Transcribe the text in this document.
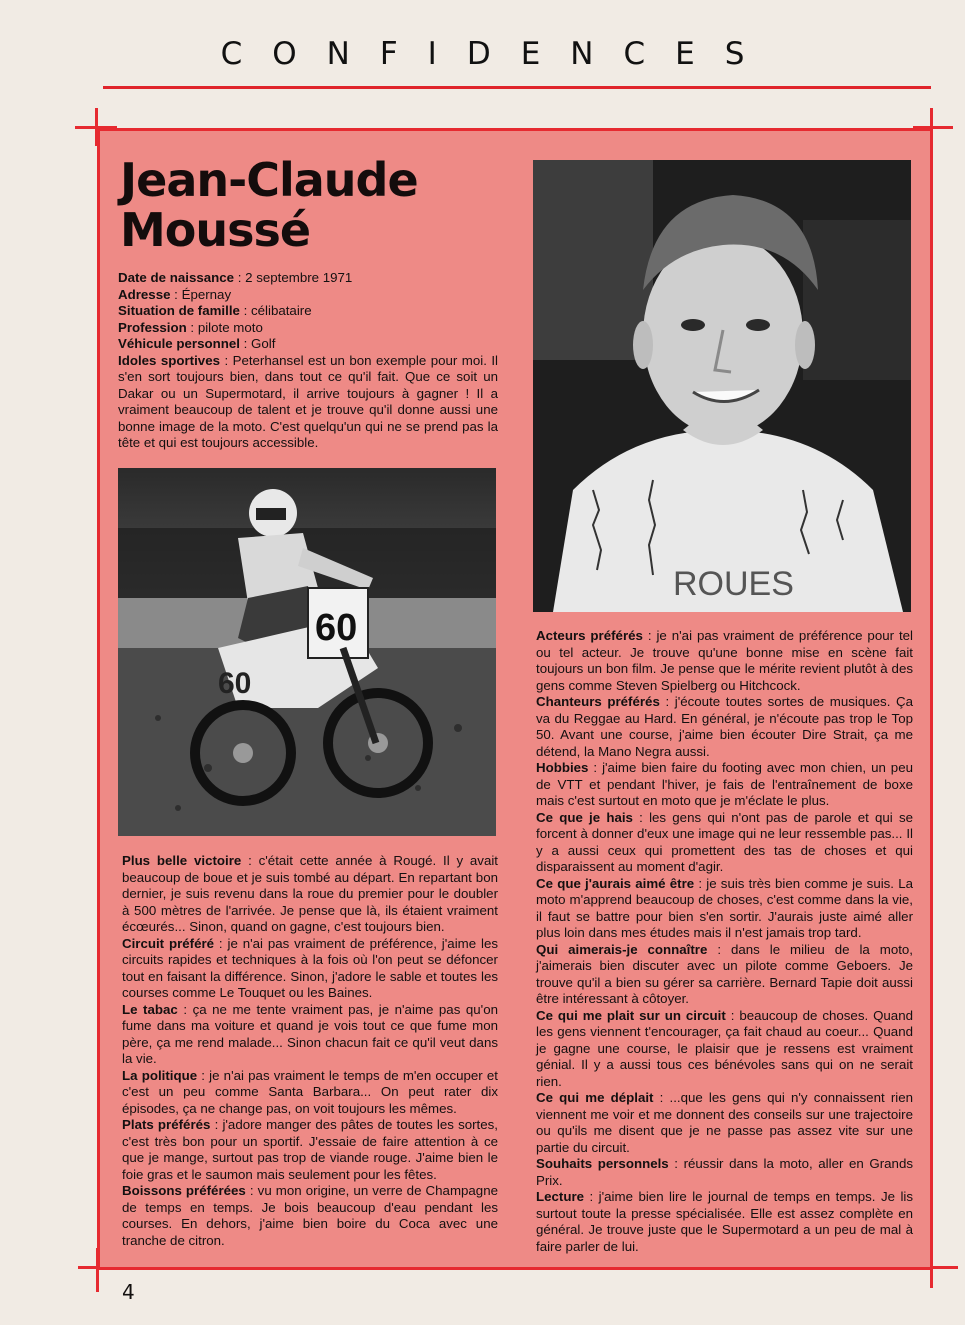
CONFIDENCES
Jean-Claude
Moussé

Date de naissance : 2 septembre 1971

Adresse : Épernay

Situation de famille : célibataire

Profession : pilote moto

Véhicule personnel : Golf

Idoles sportives : Peterhansel est un bon exemple pour moi. Il s'en sort toujours bien, dans tout ce qu'il fait. Que ce soit un Dakar ou un Supermotard, il arrive toujours à gagner ! Il a vraiment beaucoup de talent et je trouve qu'il donne aussi une bonne image de la moto. C'est quelqu'un qui ne se prend pas la tête et qui est toujours accessible.

60
60
ROUES

Plus belle victoire : c'était cette année à Rougé. Il y avait beaucoup de boue et je suis tombé au départ. En repartant bon dernier, je suis revenu dans la roue du premier pour le doubler à 500 mètres de l'arrivée. Je pense que là, ils étaient vraiment écœurés... Sinon, quand on gagne, c'est toujours bien.

Circuit préféré : je n'ai pas vraiment de préférence, j'aime les circuits rapides et techniques à la fois où l'on peut se défoncer tout en faisant la différence. Sinon, j'adore le sable et toutes les courses comme Le Touquet ou les Baines.

Le tabac : ça ne me tente vraiment pas, je n'aime pas qu'on fume dans ma voiture et quand je vois tout ce que fume mon père, ça me rend malade... Sinon chacun fait ce qu'il veut dans la vie.

La politique : je n'ai pas vraiment le temps de m'en occuper et c'est un peu comme Santa Barbara... On peut rater dix épisodes, ça ne change pas, on voit toujours les mêmes.

Plats préférés : j'adore manger des pâtes de toutes les sortes, c'est très bon pour un sportif. J'essaie de faire attention à ce que je mange, surtout pas trop de viande rouge. J'aime bien le foie gras et le saumon mais seulement pour les fêtes.

Boissons préférées : vu mon origine, un verre de Champagne de temps en temps. Je bois beaucoup d'eau pendant les courses. En dehors, j'aime bien boire du Coca avec une tranche de citron.

Acteurs préférés : je n'ai pas vraiment de préférence pour tel ou tel acteur. Je trouve qu'une bonne mise en scène fait toujours un bon film. Je pense que le mérite revient plutôt à des gens comme Steven Spielberg ou Hitchcock.

Chanteurs préférés : j'écoute toutes sortes de musiques. Ça va du Reggae au Hard. En général, je n'écoute pas trop le Top 50. Avant une course, j'aime bien écouter Dire Strait, ça me détend, la Mano Negra aussi.

Hobbies : j'aime bien faire du footing avec mon chien, un peu de VTT et pendant l'hiver, je fais de l'entraînement de boxe mais c'est surtout en moto que je m'éclate le plus.

Ce que je hais : les gens qui n'ont pas de parole et qui se forcent à donner d'eux une image qui ne leur ressemble pas... Il y a aussi ceux qui promettent des tas de choses et qui disparaissent au moment d'agir.

Ce que j'aurais aimé être : je suis très bien comme je suis. La moto m'apprend beaucoup de choses, c'est comme dans la vie, il faut se battre pour bien s'en sortir. J'aurais juste aimé aller plus loin dans mes études mais il n'est jamais trop tard.

Qui aimerais-je connaître : dans le milieu de la moto, j'aimerais bien discuter avec un pilote comme Geboers. Je trouve qu'il a bien su gérer sa carrière. Bernard Tapie doit aussi être intéressant à côtoyer.

Ce qui me plait sur un circuit : beaucoup de choses. Quand les gens viennent t'encourager, ça fait chaud au coeur... Quand je gagne une course, le plaisir que je ressens est vraiment génial. Il y a aussi tous ces bénévoles sans qui on ne serait rien.

Ce qui me déplait : ...que les gens qui n'y connaissent rien viennent me voir et me donnent des conseils sur une trajectoire ou qu'ils me disent que je ne passe pas assez vite sur une partie du circuit.

Souhaits personnels : réussir dans la moto, aller en Grands Prix.

Lecture : j'aime bien lire le journal de temps en temps. Je lis surtout toute la presse spécialisée. Elle est assez complète en général. Je trouve juste que le Supermotard a un peu de mal à faire parler de lui.

4
